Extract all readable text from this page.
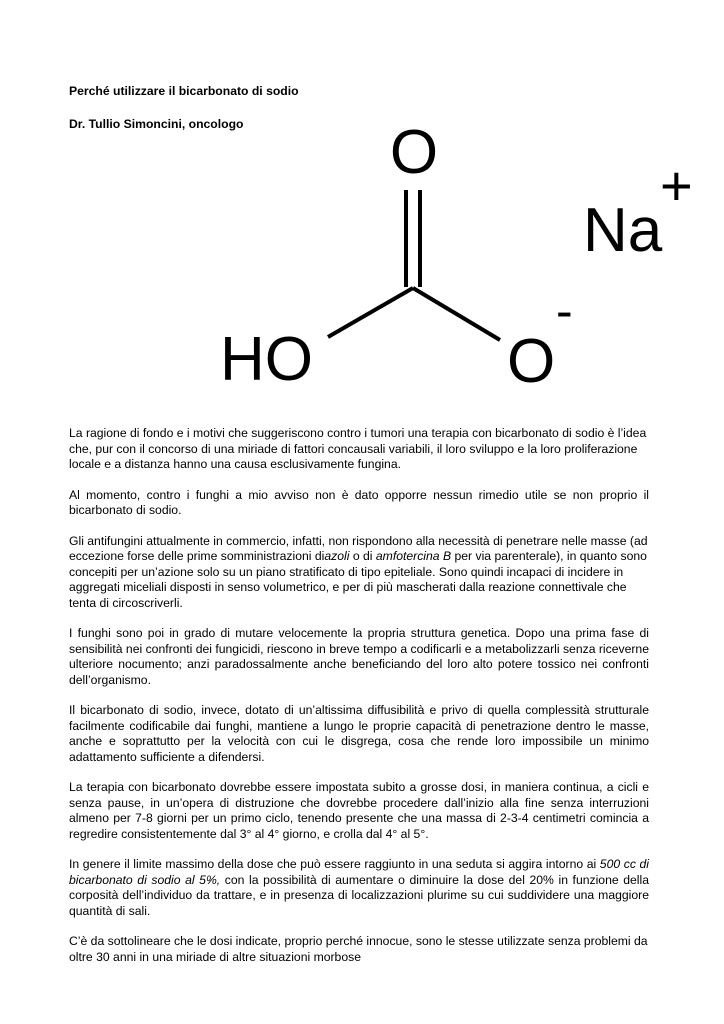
Perché utilizzare il bicarbonato di sodio
Dr. Tullio Simoncini, oncologo O
HO	O
-
Na
+

La ragione di fondo e i motivi che suggeriscono contro i tumori una terapia con bicarbonato di sodio è l’idea che, pur con il concorso di una miriade di fattori concausali variabili, il loro sviluppo e la loro proliferazione locale e a distanza hanno una causa esclusivamente fungina.

Al momento, contro i funghi a mio avviso non è dato opporre nessun rimedio utile se non proprio il bicarbonato di sodio.

Gli antifungini attualmente in commercio, infatti, non rispondono alla necessità di penetrare nelle masse (ad eccezione forse delle prime somministrazioni diazoli o di amfotercina B per via parenterale), in quanto sono concepiti per un’azione solo su un piano stratificato di tipo epiteliale. Sono quindi incapaci di incidere in aggregati miceliali disposti in senso volumetrico, e per di più mascherati dalla reazione connettivale che tenta di circoscriverli.

I funghi sono poi in grado di mutare velocemente la propria struttura genetica. Dopo una prima fase di sensibilità nei confronti dei fungicidi, riescono in breve tempo a codificarli e a metabolizzarli senza riceverne ulteriore nocumento; anzi paradossalmente anche beneficiando del loro alto potere tossico nei confronti dell’organismo.

Il bicarbonato di sodio, invece, dotato di un’altissima diffusibilità e privo di quella complessità strutturale facilmente codificabile dai funghi, mantiene a lungo le proprie capacità di penetrazione dentro le masse, anche e soprattutto per la velocità con cui le disgrega, cosa che rende loro impossibile un minimo adattamento sufficiente a difendersi.

La terapia con bicarbonato dovrebbe essere impostata subito a grosse dosi, in maniera continua, a cicli e senza pause, in un’opera di distruzione che dovrebbe procedere dall’inizio alla fine senza interruzioni almeno per 7-8 giorni per un primo ciclo, tenendo presente che una massa di 2-3-4 centimetri comincia a regredire consistentemente dal 3° al 4° giorno, e crolla dal 4° al 5°.

In genere il limite massimo della dose che può essere raggiunto in una seduta si aggira intorno ai 500 cc di bicarbonato di sodio al 5%, con la possibilità di aumentare o diminuire la dose del 20% in funzione della corposità dell’individuo da trattare, e in presenza di localizzazioni plurime su cui suddividere una maggiore quantità di sali.

C’è da sottolineare che le dosi indicate, proprio perché innocue, sono le stesse utilizzate senza problemi da oltre 30 anni in una miriade di altre situazioni morbose
